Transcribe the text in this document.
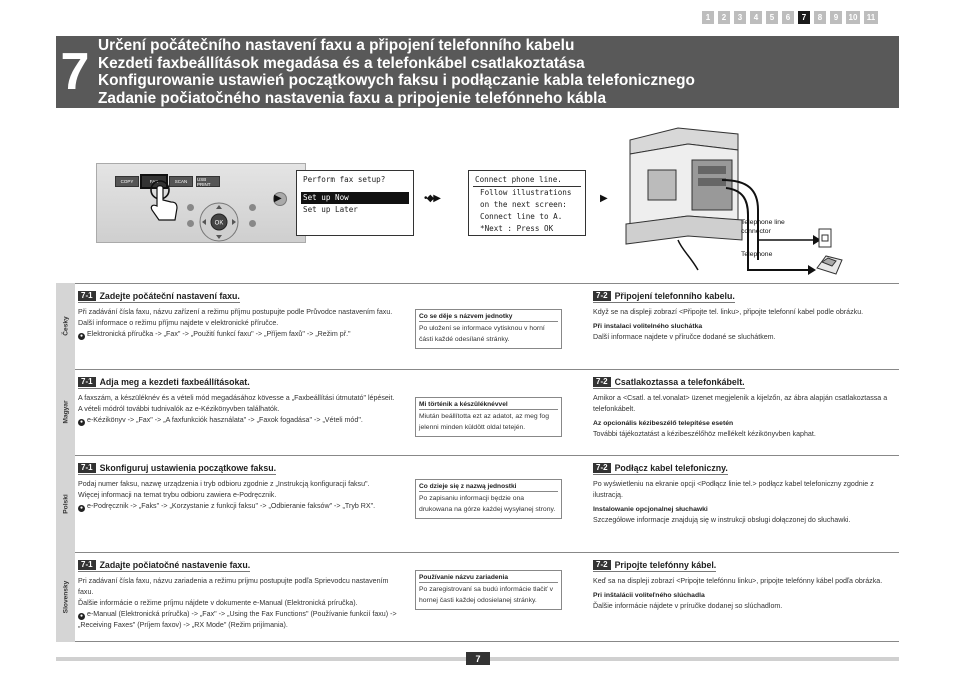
1	2	3	4	5	6	7	8	9	10	11
7 Určení počátečního nastavení faxu a připojení telefonního kabelu
Kezdeti faxbeállítások megadása és a telefonkábel csatlakoztatása
Konfigurowanie ustawień początkowych faksu i podłączanie kabla telefonicznego
Zadanie počiatočného nastavenia faxu a pripojenie telefónneho kábla
COPY	FAX	SCAN	USB PRINT
OK
▶
Perform fax setup?
Set up Now
Set up Later
•◆▶
Connect phone line.
Follow illustrations
on the next screen:
Connect line to A.
*Next : Press OK
▶
Telephone line connector
Telephone
Česky
7-1 Zadejte počáteční nastavení faxu.
Při zadávání čísla faxu, názvu zařízení a režimu příjmu postupujte podle Průvodce nastavením faxu.
Další informace o režimu příjmu najdete v elektronické příručce.
● Elektronická příručka -> „Fax" -> „Použití funkcí faxu" -> „Příjem faxů" -> „Režim př."
Co se děje s názvem jednotky
Po uložení se informace vytisknou v horní části každé odesílané stránky.
7-2 Připojení telefonního kabelu.
Když se na displeji zobrazí <Připojte tel. linku>, připojte telefonní kabel podle obrázku.
Při instalaci volitelného sluchátka
Další informace najdete v příručce dodané se sluchátkem.
Magyar
7-1 Adja meg a kezdeti faxbeállításokat.
A faxszám, a készüléknév és a vételi mód megadásához kövesse a „Faxbeállítási útmutató" lépéseit.
A vételi módról további tudnivalók az e-Kézikönyvben találhatók.
● e-Kézikönyv -> „Fax" -> „A faxfunkciók használata" -> „Faxok fogadása" -> „Vételi mód".
Mi történik a készüléknévvel
Miután beállította ezt az adatot, az meg fog jelenni minden küldött oldal tetején.
7-2 Csatlakoztassa a telefonkábelt.
Amikor a <Csatl. a tel.vonalat> üzenet megjelenik a kijelzőn, az ábra alapján csatlakoztassa a telefonkábelt.
Az opcionális kézibeszélő telepítése esetén
További tájékoztatást a kézibeszélőhöz mellékelt kézikönyvben kaphat.
Polski
7-1 Skonfiguruj ustawienia początkowe faksu.
Podaj numer faksu, nazwę urządzenia i tryb odbioru zgodnie z „Instrukcją konfiguracji faksu".
Więcej informacji na temat trybu odbioru zawiera e-Podręcznik.
● e-Podręcznik -> „Faks" -> „Korzystanie z funkcji faksu" -> „Odbieranie faksów" -> „Tryb RX".
Co dzieje się z nazwą jednostki
Po zapisaniu informacji będzie ona drukowana na górze każdej wysyłanej strony.
7-2 Podłącz kabel telefoniczny.
Po wyświetleniu na ekranie opcji <Podłącz linie tel.> podłącz kabel telefoniczny zgodnie z ilustracją.
Instalowanie opcjonalnej słuchawki
Szczegółowe informacje znajdują się w instrukcji obsługi dołączonej do słuchawki.
Slovensky
7-1 Zadajte počiatočné nastavenie faxu.
Pri zadávaní čísla faxu, názvu zariadenia a režimu príjmu postupujte podľa Sprievodcu nastavením faxu.
Ďalšie informácie o režime príjmu nájdete v dokumente e-Manual (Elektronická príručka).
● e-Manual (Elektronická príručka) -> „Fax" -> „Using the Fax Functions" (Používanie funkcií faxu) -> „Receiving Faxes" (Príjem faxov) -> „RX Mode" (Režim prijímania).
Používanie názvu zariadenia
Po zaregistrovaní sa budú informácie tlačiť v hornej časti každej odosielanej stránky.
7-2 Pripojte telefónny kábel.
Keď sa na displeji zobrazí <Pripojte telefónnu linku>, pripojte telefónny kábel podľa obrázka.
Pri inštalácii voliteľného slúchadla
Ďalšie informácie nájdete v príručke dodanej so slúchadlom.
7
